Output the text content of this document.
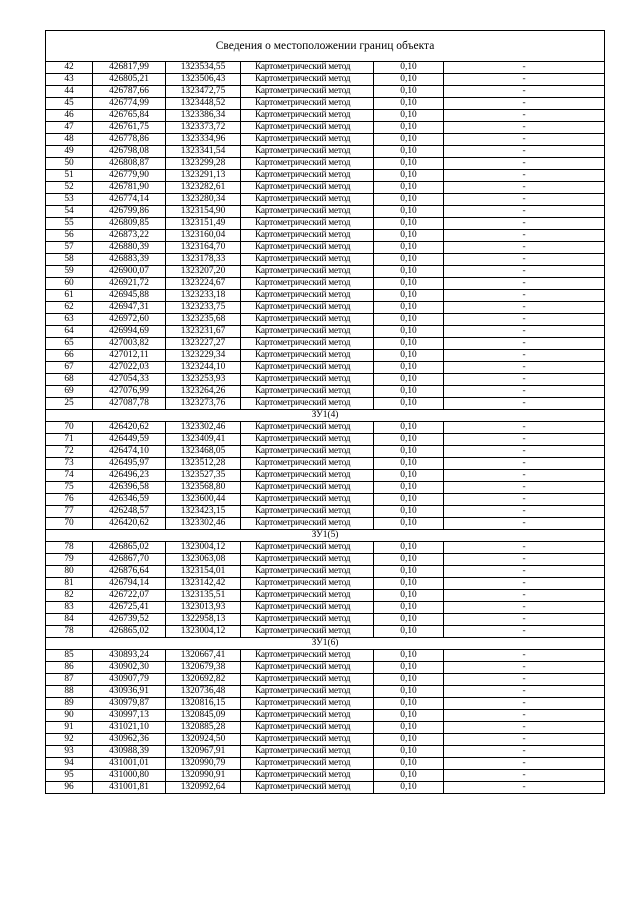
Сведения о местоположении границ объекта					
42	426817,99	1323534,55	Картометрический метод	0,10	-
43	426805,21	1323506,43	Картометрический метод	0,10	-
44	426787,66	1323472,75	Картометрический метод	0,10	-
45	426774,99	1323448,52	Картометрический метод	0,10	-
46	426765,84	1323386,34	Картометрический метод	0,10	-
47	426761,75	1323373,72	Картометрический метод	0,10	-
48	426778,86	1323334,96	Картометрический метод	0,10	-
49	426798,08	1323341,54	Картометрический метод	0,10	-
50	426808,87	1323299,28	Картометрический метод	0,10	-
51	426779,90	1323291,13	Картометрический метод	0,10	-
52	426781,90	1323282,61	Картометрический метод	0,10	-
53	426774,14	1323280,34	Картометрический метод	0,10	-
54	426799,86	1323154,90	Картометрический метод	0,10	-
55	426809,85	1323151,49	Картометрический метод	0,10	-
56	426873,22	1323160,04	Картометрический метод	0,10	-
57	426880,39	1323164,70	Картометрический метод	0,10	-
58	426883,39	1323178,33	Картометрический метод	0,10	-
59	426900,07	1323207,20	Картометрический метод	0,10	-
60	426921,72	1323224,67	Картометрический метод	0,10	-
61	426945,88	1323233,18	Картометрический метод	0,10	-
62	426947,31	1323233,75	Картометрический метод	0,10	-
63	426972,60	1323235,68	Картометрический метод	0,10	-
64	426994,69	1323231,67	Картометрический метод	0,10	-
65	427003,82	1323227,27	Картометрический метод	0,10	-
66	427012,11	1323229,34	Картометрический метод	0,10	-
67	427022,03	1323244,10	Картометрический метод	0,10	-
68	427054,33	1323253,93	Картометрический метод	0,10	-
69	427076,99	1323264,26	Картометрический метод	0,10	-
25	427087,78	1323273,76	Картометрический метод	0,10	-
ЗУ1(4)					
70	426420,62	1323302,46	Картометрический метод	0,10	-
71	426449,59	1323409,41	Картометрический метод	0,10	-
72	426474,10	1323468,05	Картометрический метод	0,10	-
73	426495,97	1323512,28	Картометрический метод	0,10	-
74	426496,23	1323527,35	Картометрический метод	0,10	-
75	426396,58	1323568,80	Картометрический метод	0,10	-
76	426346,59	1323600,44	Картометрический метод	0,10	-
77	426248,57	1323423,15	Картометрический метод	0,10	-
70	426420,62	1323302,46	Картометрический метод	0,10	-
ЗУ1(5)					
78	426865,02	1323004,12	Картометрический метод	0,10	-
79	426867,70	1323063,08	Картометрический метод	0,10	-
80	426876,64	1323154,01	Картометрический метод	0,10	-
81	426794,14	1323142,42	Картометрический метод	0,10	-
82	426722,07	1323135,51	Картометрический метод	0,10	-
83	426725,41	1323013,93	Картометрический метод	0,10	-
84	426739,52	1322958,13	Картометрический метод	0,10	-
78	426865,02	1323004,12	Картометрический метод	0,10	-
ЗУ1(6)					
85	430893,24	1320667,41	Картометрический метод	0,10	-
86	430902,30	1320679,38	Картометрический метод	0,10	-
87	430907,79	1320692,82	Картометрический метод	0,10	-
88	430936,91	1320736,48	Картометрический метод	0,10	-
89	430979,87	1320816,15	Картометрический метод	0,10	-
90	430997,13	1320845,09	Картометрический метод	0,10	-
91	431021,10	1320885,28	Картометрический метод	0,10	-
92	430962,36	1320924,50	Картометрический метод	0,10	-
93	430988,39	1320967,91	Картометрический метод	0,10	-
94	431001,01	1320990,79	Картометрический метод	0,10	-
95	431000,80	1320990,91	Картометрический метод	0,10	-
96	431001,81	1320992,64	Картометрический метод	0,10	-
